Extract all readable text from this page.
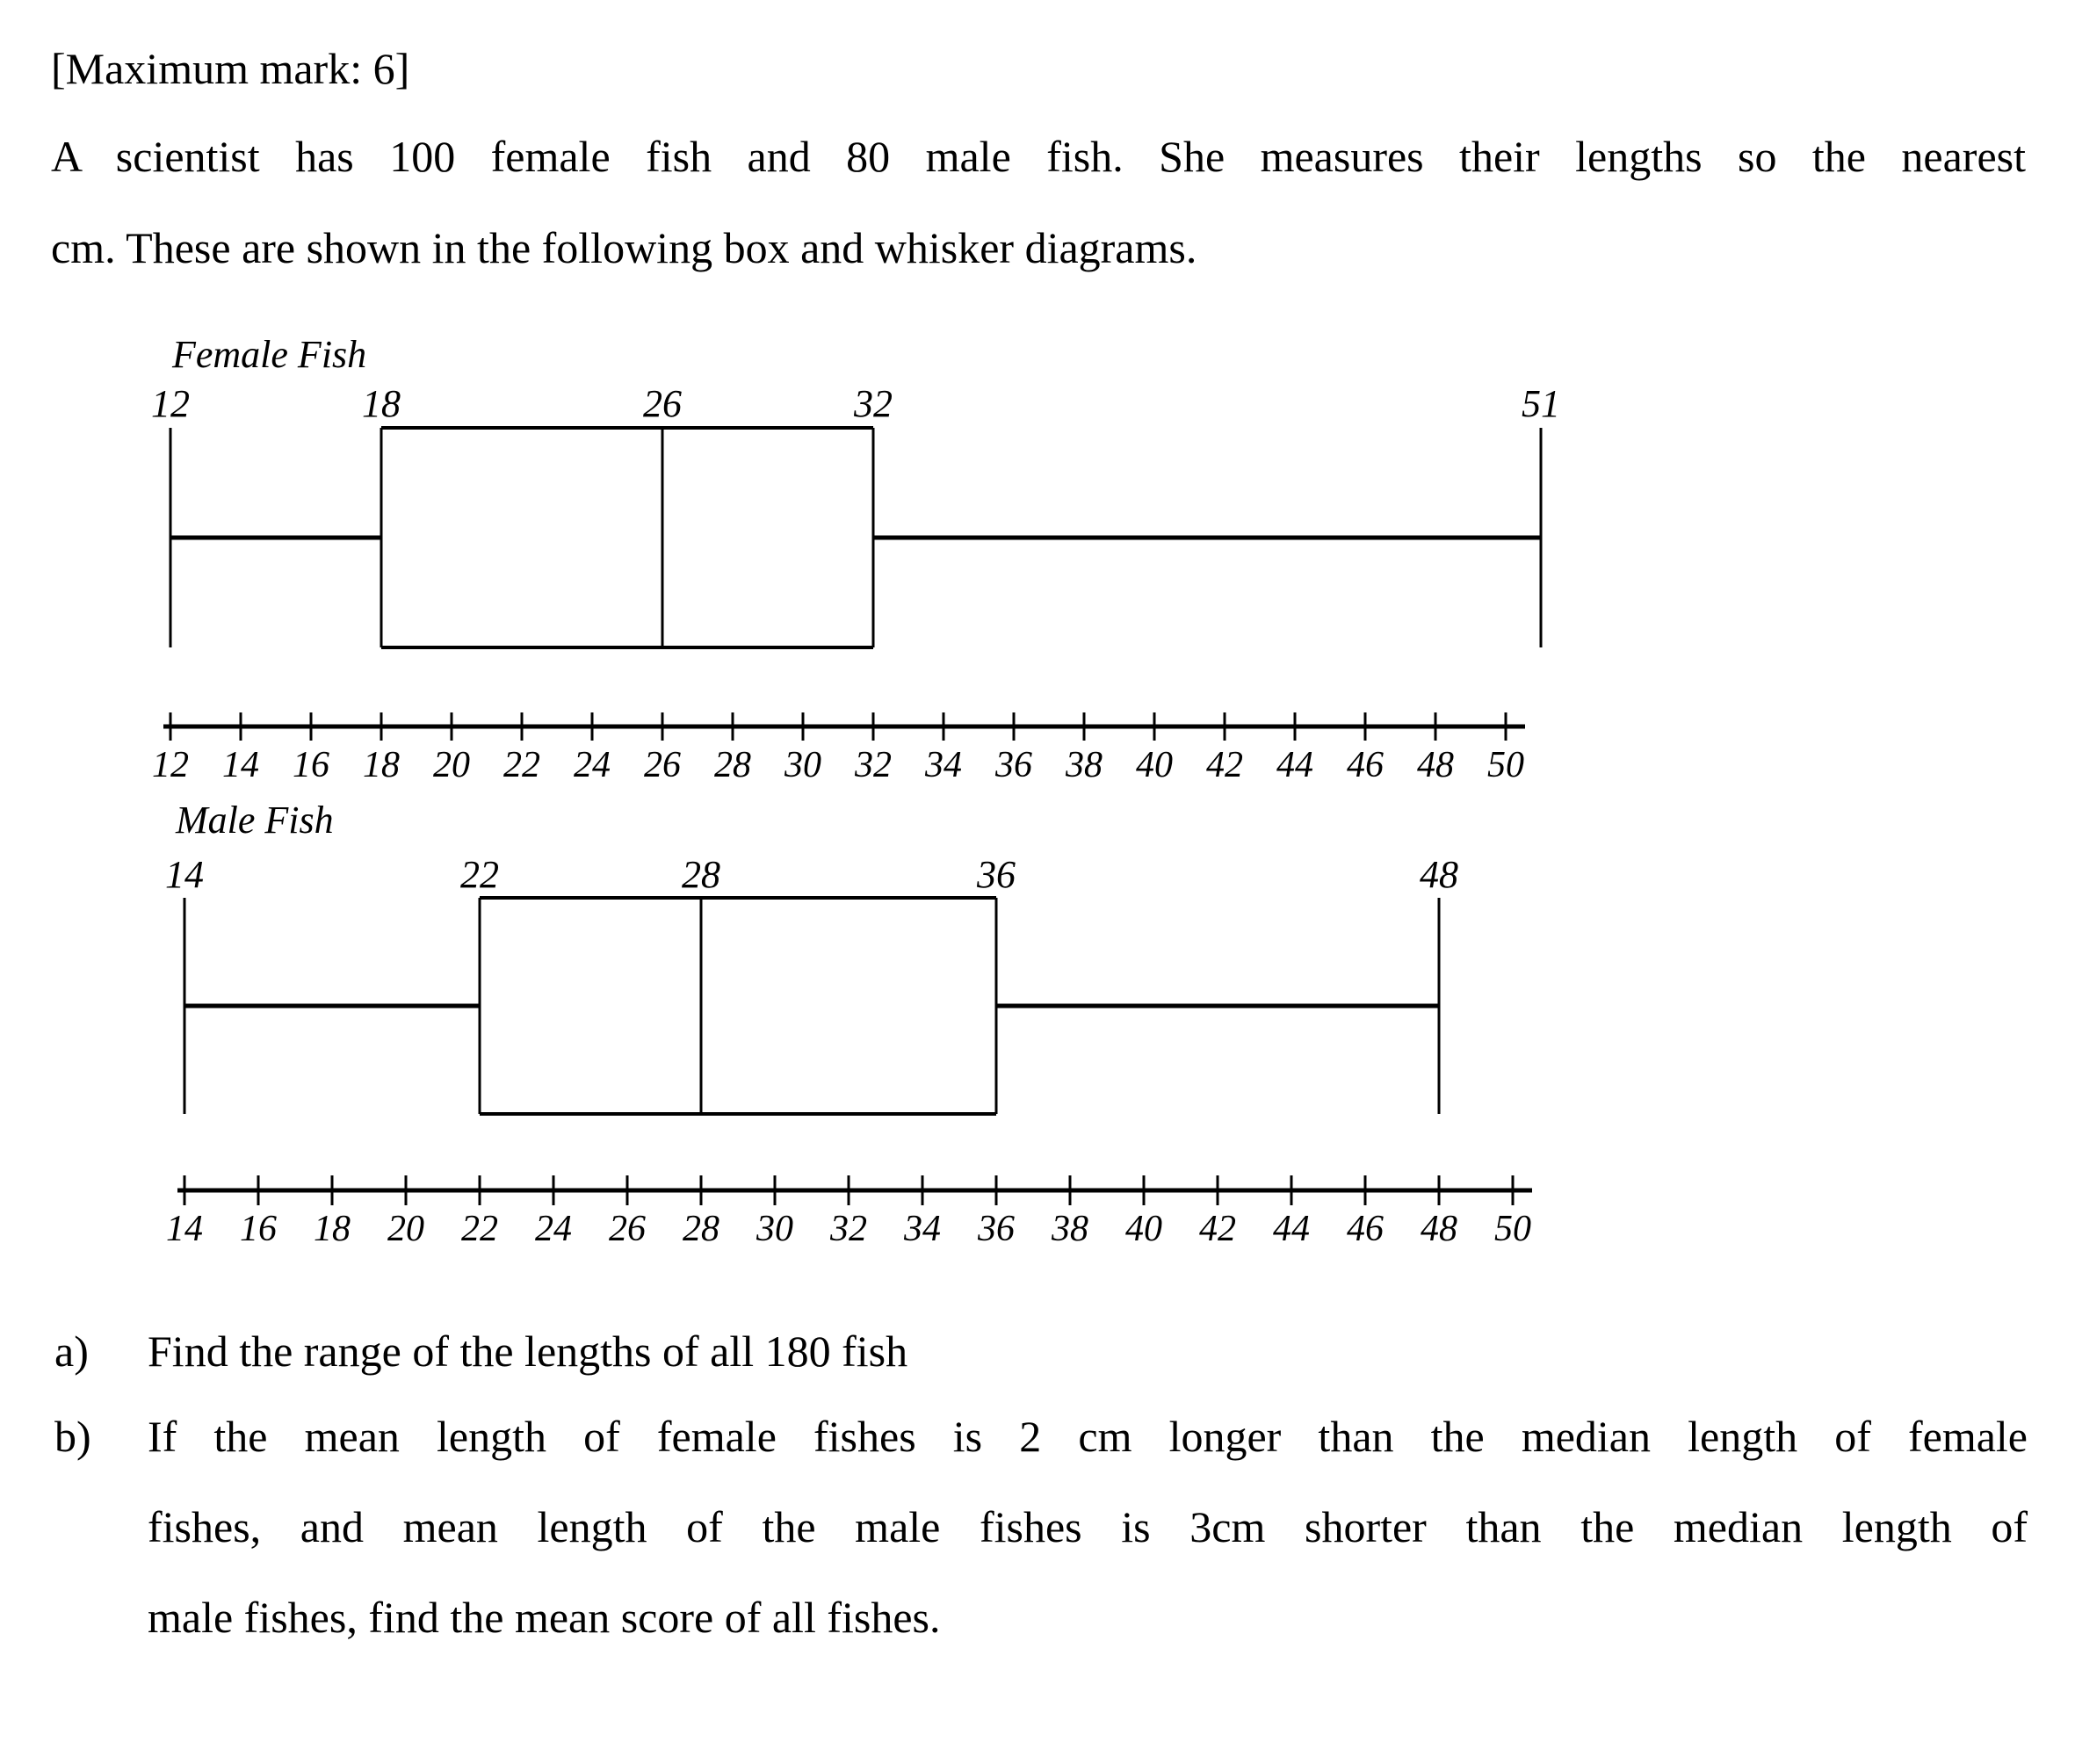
[Maximum mark: 6]
A scientist has 100 female fish and 80 male fish. She measures their lengths so the nearest
cm. These are shown in the following box and whisker diagrams.
Female Fish
12	18	26	32	51
12 14 16 18 20 22 24 26 28 30 32 34 36 38 40 42 44 46 48 50
Male Fish
14	22	28	36	48
14 16 18 20 22 24 26 28 30 32 34 36 38 40 42 44 46 48 50
a) Find the range of the lengths of all 180 fish
b) If the mean length of female fishes is 2 cm longer than the median length of female
fishes, and mean length of the male fishes is 3cm shorter than the median length of
male fishes, find the mean score of all fishes.
